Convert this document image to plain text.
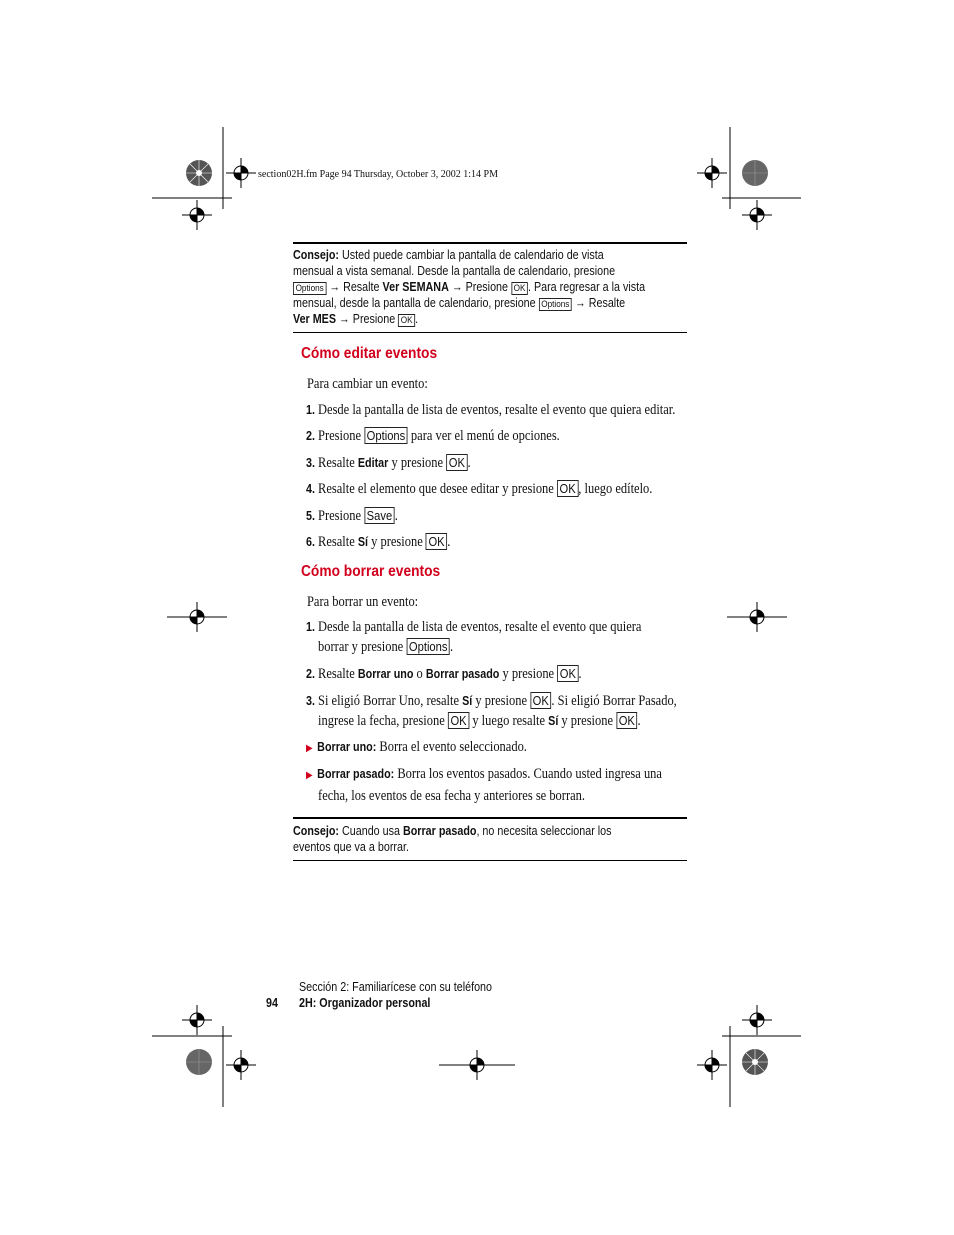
section02H.fm Page 94 Thursday, October 3, 2002 1:14 PM
Consejo: Usted puede cambiar la pantalla de calendario de vista
mensual a vista semanal. Desde la pantalla de calendario, presione
Options → Resalte Ver SEMANA → Presione OK . Para regresar a la vista
mensual, desde la pantalla de calendario, presione Options → Resalte
Ver MES → Presione OK .
Cómo editar eventos
Para cambiar un evento:
1. Desde la pantalla de lista de eventos, resalte el evento que quiera editar.
2. Presione Options para ver el menú de opciones.
3. Resalte Editar y presione OK .
4. Resalte el elemento que desee editar y presione OK , luego edítelo.
5. Presione Save .
6. Resalte Sí y presione OK .
Cómo borrar eventos
Para borrar un evento:
1. Desde la pantalla de lista de eventos, resalte el evento que quiera
borrar y presione Options .
2. Resalte Borrar uno o Borrar pasado y presione OK .
3. Si eligió Borrar Uno, resalte Sí y presione OK . Si eligió Borrar Pasado,
ingrese la fecha, presione OK y luego resalte Sí y presione OK .
▶ Borrar uno: Borra el evento seleccionado.
▶ Borrar pasado: Borra los eventos pasados. Cuando usted ingresa una
fecha, los eventos de esa fecha y anteriores se borran.
Consejo: Cuando usa Borrar pasado, no necesita seleccionar los
eventos que va a borrar.
Sección 2: Familiarícese con su teléfono
94 2H: Organizador personal
